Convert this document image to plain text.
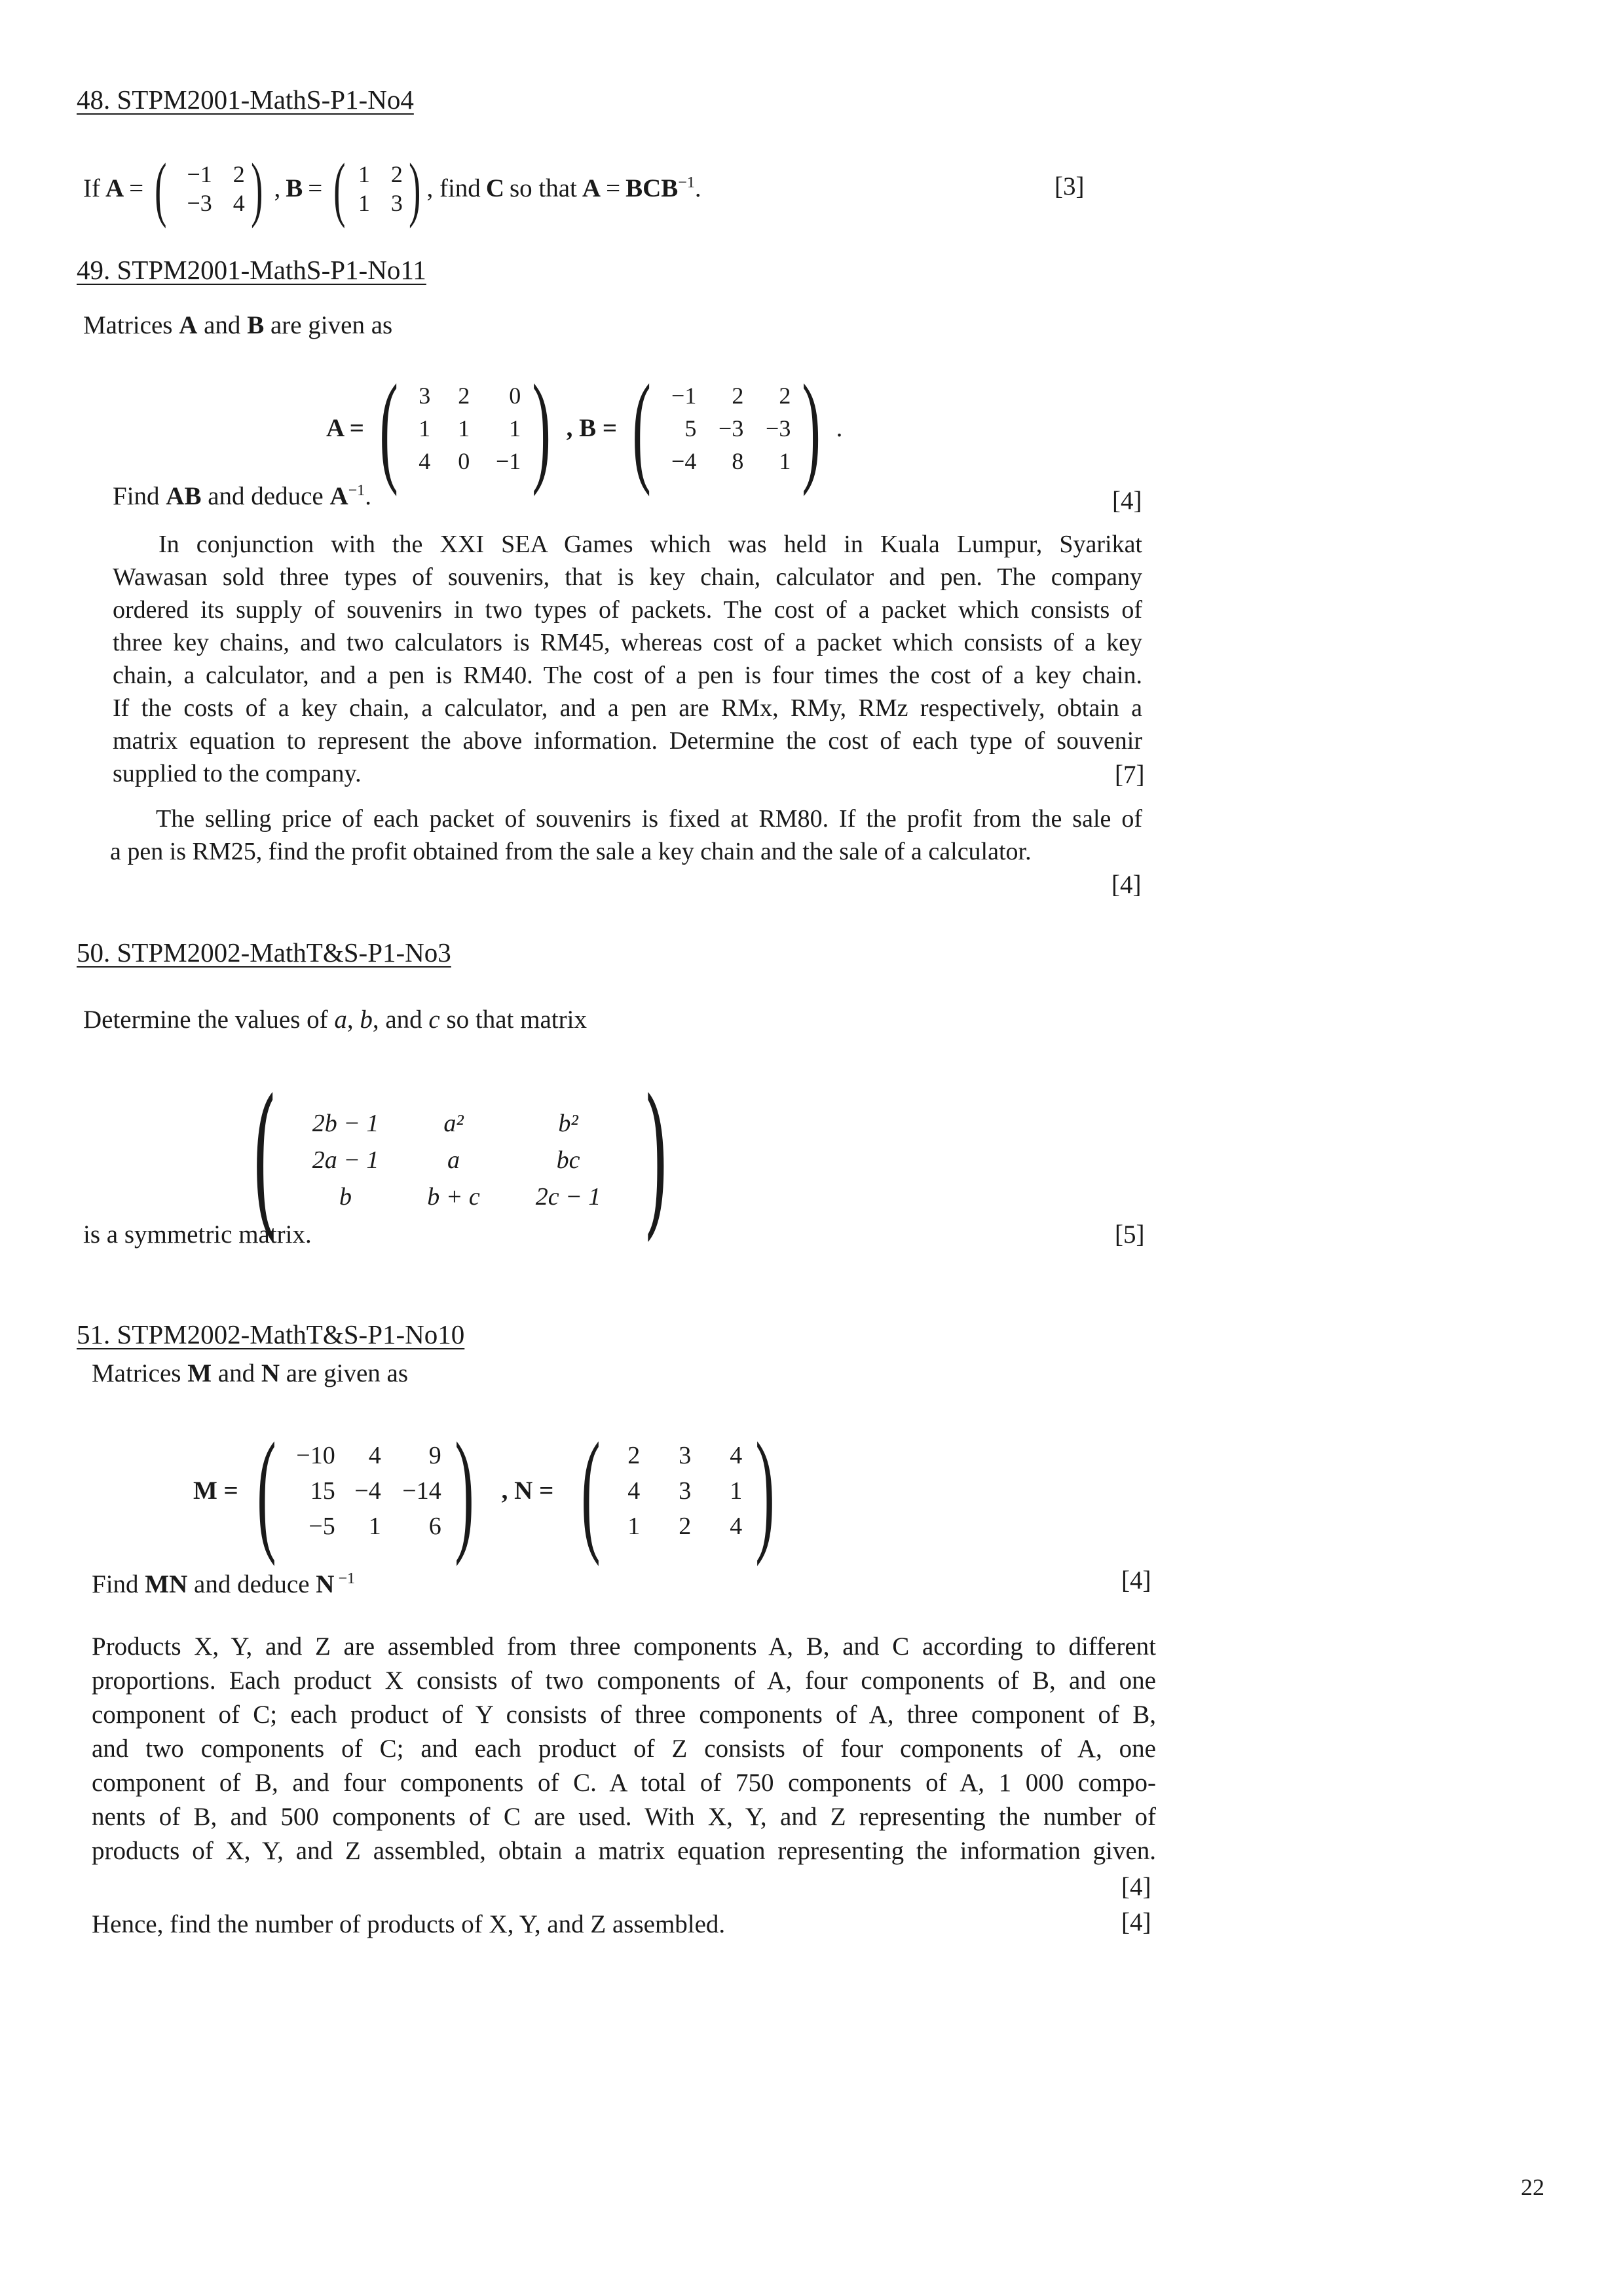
48. STPM2001-MathS-P1-No4
If A = ( −1 2
−3 4 ) , B = ( 1 2
1 3 ) , find C so that $A = BCB^{-1}$.	[3]
49. STPM2001-MathS-P1-No11
Matrices A and B are given as
A = ( 3	2	0
1	1	1
4	0	−1 ) , B = ( −1	2	2
5 −3 −3
−4	8	1 ) .
Find AB and deduce $A^{-1}$.	[4]
In conjunction with the XXI SEA Games which was held in Kuala Lumpur, Syarikat
Wawasan sold three types of souvenirs, that is key chain, calculator and pen. The company
ordered its supply of souvenirs in two types of packets. The cost of a packet which consists of
three key chains, and two calculators is RM45, whereas cost of a packet which consists of a key
chain, a calculator, and a pen is RM40. The cost of a pen is four times the cost of a key chain.
If the costs of a key chain, a calculator, and a pen are RMx, RMy, RMz respectively, obtain a
matrix equation to represent the above information. Determine the cost of each type of souvenir
supplied to the company.	[7]
The selling price of each packet of souvenirs is fixed at RM80. If the profit from the sale of
a pen is RM25, find the profit obtained from the sale a key chain and the sale of a calculator.
[4]
50. STPM2002-MathT&S-P1-No3
Determine the values of a, b, and c so that matrix
(	2b − 1	a²	b²
2a − 1	a	bc
b	b + c	2c − 1 )
is a symmetric matrix.	[5]
51. STPM2002-MathT&S-P1-No10
Matrices M and N are given as
M = ( −10	4	9
15 −4 −14
−5	1	6 ) , N = (	2	3	4
4	3	1
1	2	4 )
Find MN and deduce N $^{-1}$	[4]
Products X, Y, and Z are assembled from three components A, B, and C according to different
proportions. Each product X consists of two components of A, four components of B, and one
component of C; each product of Y consists of three components of A, three component of B,
and two components of C; and each product of Z consists of four components of A, one
component of B, and four components of C. A total of 750 components of A, 1 000 compo-
nents of B, and 500 components of C are used. With X, Y, and Z representing the number of
products of X, Y, and Z assembled, obtain a matrix equation representing the information given.
[4]
Hence, find the number of products of X, Y, and Z assembled.	[4]
22
